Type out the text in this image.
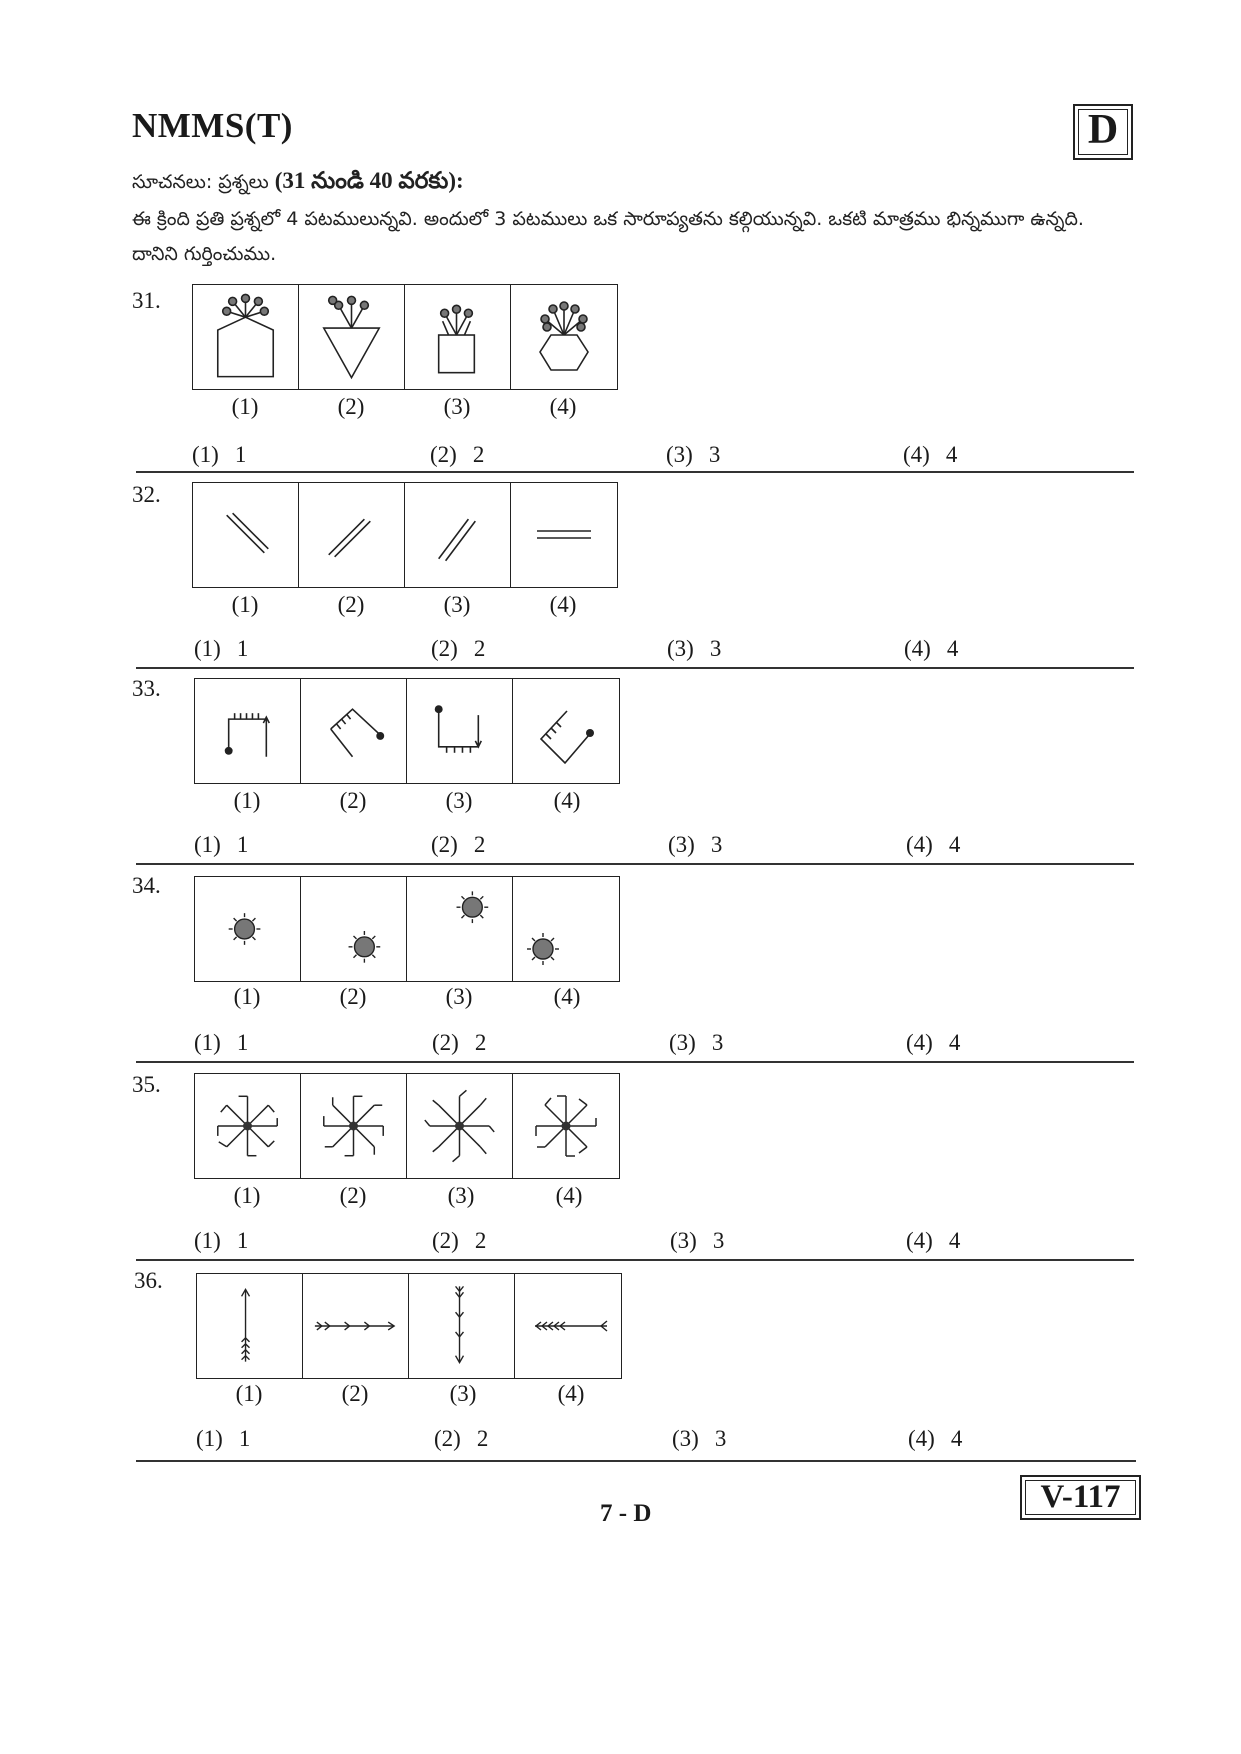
NMMS(T)	D
సూచనలు: ప్రశ్నలు (31 నుండి 40 వరకు):
ఈ క్రింది ప్రతి ప్రశ్నలో 4 పటములున్నవి. అందులో 3 పటములు ఒక సారూప్యతను కల్గియున్నవి. ఒకటి మాత్రము భిన్నముగా ఉన్నది. దానిని గుర్తించుము.
31.
(1)	(2)	(3)	(4)
(1) 1	(2) 2	(3) 3	(4) 4
32.
(1)	(2)	(3)	(4)
(1) 1	(2) 2	(3) 3	(4) 4
33.
(1)	(2)	(3)	(4)
(1) 1	(2) 2	(3) 3	(4) 4
34.
(1)	(2)	(3)	(4)
(1) 1	(2) 2	(3) 3	(4) 4
35.
(1)	(2)	(3)	(4)
(1) 1	(2) 2	(3) 3	(4) 4
36.
(1)	(2)	(3)	(4)
(1) 1	(2) 2	(3) 3	(4) 4
7 - D	V-117
